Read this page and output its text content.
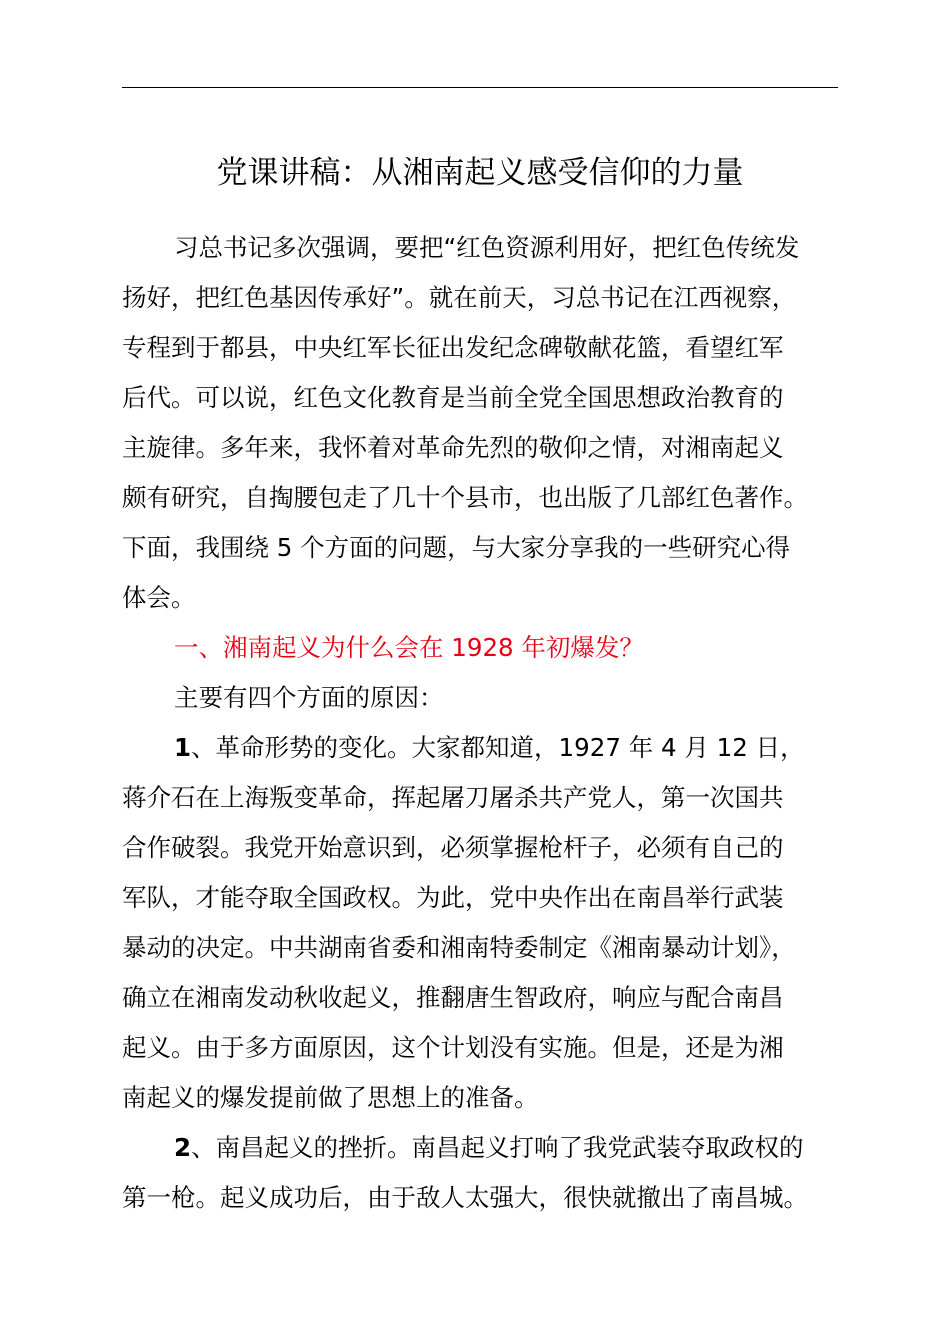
党课讲稿：从湘南起义感受信仰的力量
习总书记多次强调，要把“红色资源利用好，把红色传统发
扬好，把红色基因传承好”。就在前天，习总书记在江西视察，
专程到于都县，中央红军长征出发纪念碑敬献花篮，看望红军
后代。可以说，红色文化教育是当前全党全国思想政治教育的
主旋律。多年来，我怀着对革命先烈的敬仰之情，对湘南起义
颇有研究，自掏腰包走了几十个县市，也出版了几部红色著作。
下面，我围绕 5 个方面的问题，与大家分享我的一些研究心得
体会。
一、湘南起义为什么会在 1928 年初爆发？
主要有四个方面的原因：
1、革命形势的变化。大家都知道，1927 年 4 月 12 日，
蒋介石在上海叛变革命，挥起屠刀屠杀共产党人，第一次国共
合作破裂。我党开始意识到，必须掌握枪杆子，必须有自己的
军队，才能夺取全国政权。为此，党中央作出在南昌举行武装
暴动的决定。中共湖南省委和湘南特委制定《湘南暴动计划》，
确立在湘南发动秋收起义，推翻唐生智政府，响应与配合南昌
起义。由于多方面原因，这个计划没有实施。但是，还是为湘
南起义的爆发提前做了思想上的准备。
2、南昌起义的挫折。南昌起义打响了我党武装夺取政权的
第一枪。起义成功后，由于敌人太强大，很快就撤出了南昌城。
